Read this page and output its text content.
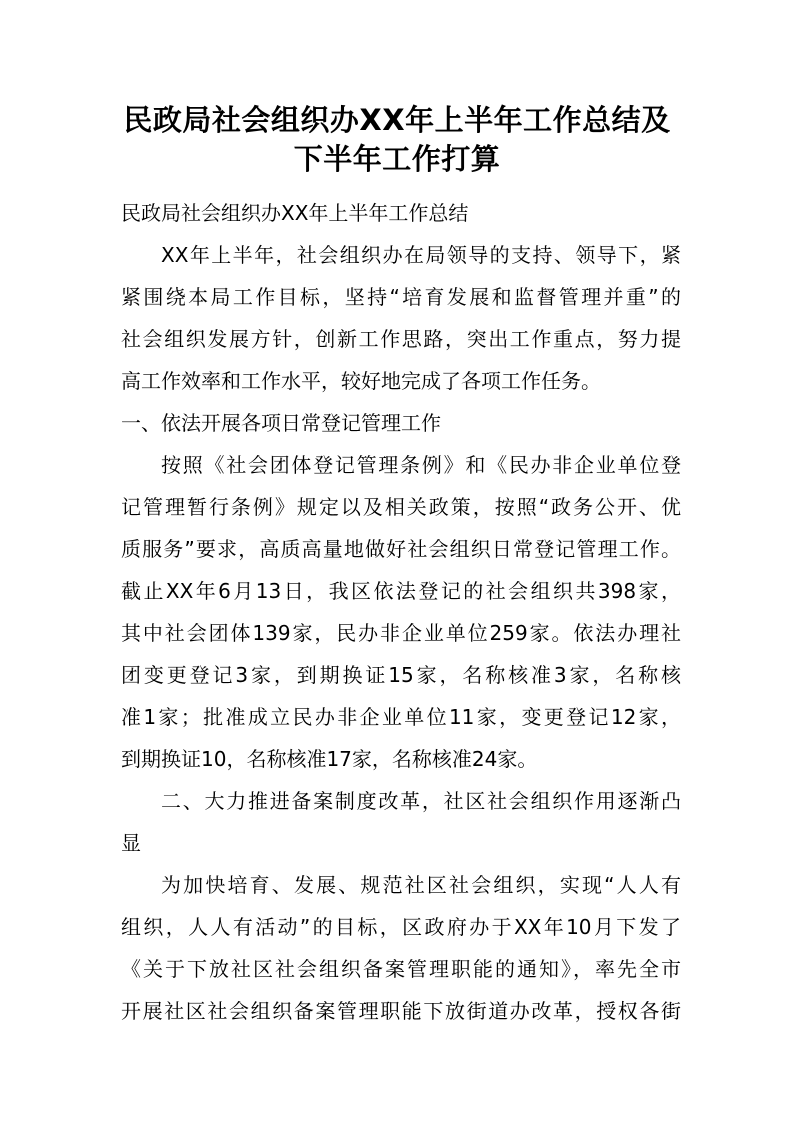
民政局社会组织办XX年上半年工作总结及
下半年工作打算
民政局社会组织办XX年上半年工作总结
XX年上半年，社会组织办在局领导的支持、领导下，紧
紧围绕本局工作目标，坚持“培育发展和监督管理并重”的
社会组织发展方针，创新工作思路，突出工作重点，努力提
高工作效率和工作水平，较好地完成了各项工作任务。
一、依法开展各项日常登记管理工作
按照《社会团体登记管理条例》和《民办非企业单位登
记管理暂行条例》规定以及相关政策，按照“政务公开、优
质服务”要求，高质高量地做好社会组织日常登记管理工作。
截止XX年6月13日，我区依法登记的社会组织共398家，
其中社会团体139家，民办非企业单位259家。依法办理社
团变更登记3家，到期换证15家，名称核准3家，名称核
准1家；批准成立民办非企业单位11家，变更登记12家，
到期换证10，名称核准17家，名称核准24家。
二、大力推进备案制度改革，社区社会组织作用逐渐凸
显
为加快培育、发展、规范社区社会组织，实现“人人有
组织，人人有活动”的目标，区政府办于XX年10月下发了
《关于下放社区社会组织备案管理职能的通知》，率先全市
开展社区社会组织备案管理职能下放街道办改革，授权各街
